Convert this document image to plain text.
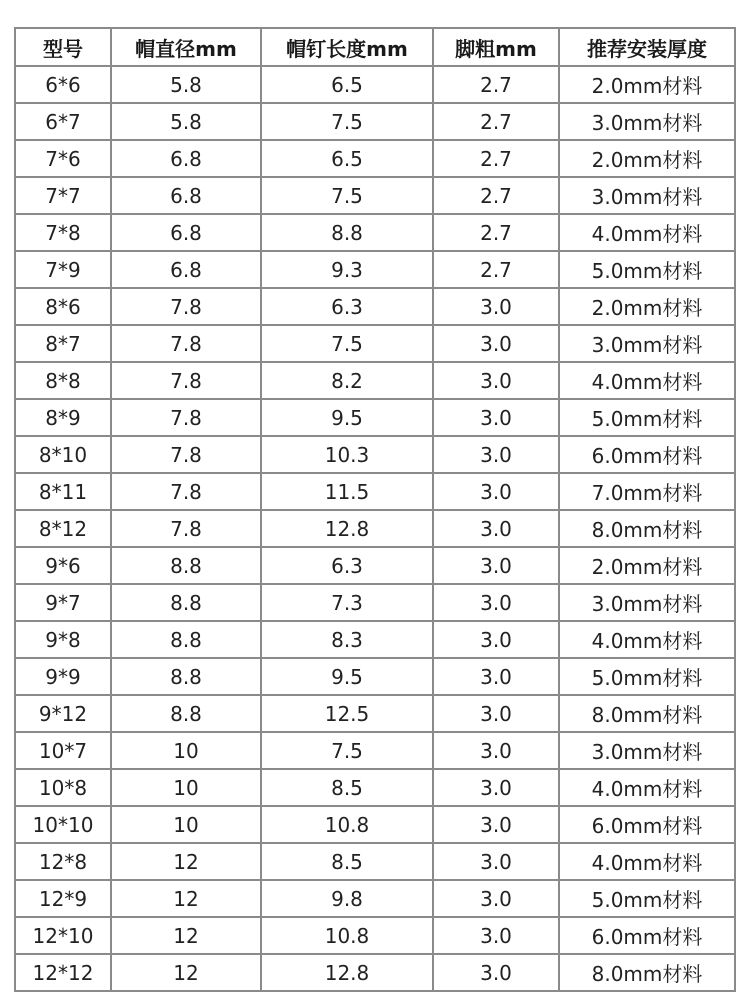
型号	帽直径mm	帽钉长度mm	脚粗mm	推荐安装厚度
6*6	5.8	6.5	2.7	2.0mm材料
6*7	5.8	7.5	2.7	3.0mm材料
7*6	6.8	6.5	2.7	2.0mm材料
7*7	6.8	7.5	2.7	3.0mm材料
7*8	6.8	8.8	2.7	4.0mm材料
7*9	6.8	9.3	2.7	5.0mm材料
8*6	7.8	6.3	3.0	2.0mm材料
8*7	7.8	7.5	3.0	3.0mm材料
8*8	7.8	8.2	3.0	4.0mm材料
8*9	7.8	9.5	3.0	5.0mm材料
8*10	7.8	10.3	3.0	6.0mm材料
8*11	7.8	11.5	3.0	7.0mm材料
8*12	7.8	12.8	3.0	8.0mm材料
9*6	8.8	6.3	3.0	2.0mm材料
9*7	8.8	7.3	3.0	3.0mm材料
9*8	8.8	8.3	3.0	4.0mm材料
9*9	8.8	9.5	3.0	5.0mm材料
9*12	8.8	12.5	3.0	8.0mm材料
10*7	10	7.5	3.0	3.0mm材料
10*8	10	8.5	3.0	4.0mm材料
10*10	10	10.8	3.0	6.0mm材料
12*8	12	8.5	3.0	4.0mm材料
12*9	12	9.8	3.0	5.0mm材料
12*10	12	10.8	3.0	6.0mm材料
12*12	12	12.8	3.0	8.0mm材料
